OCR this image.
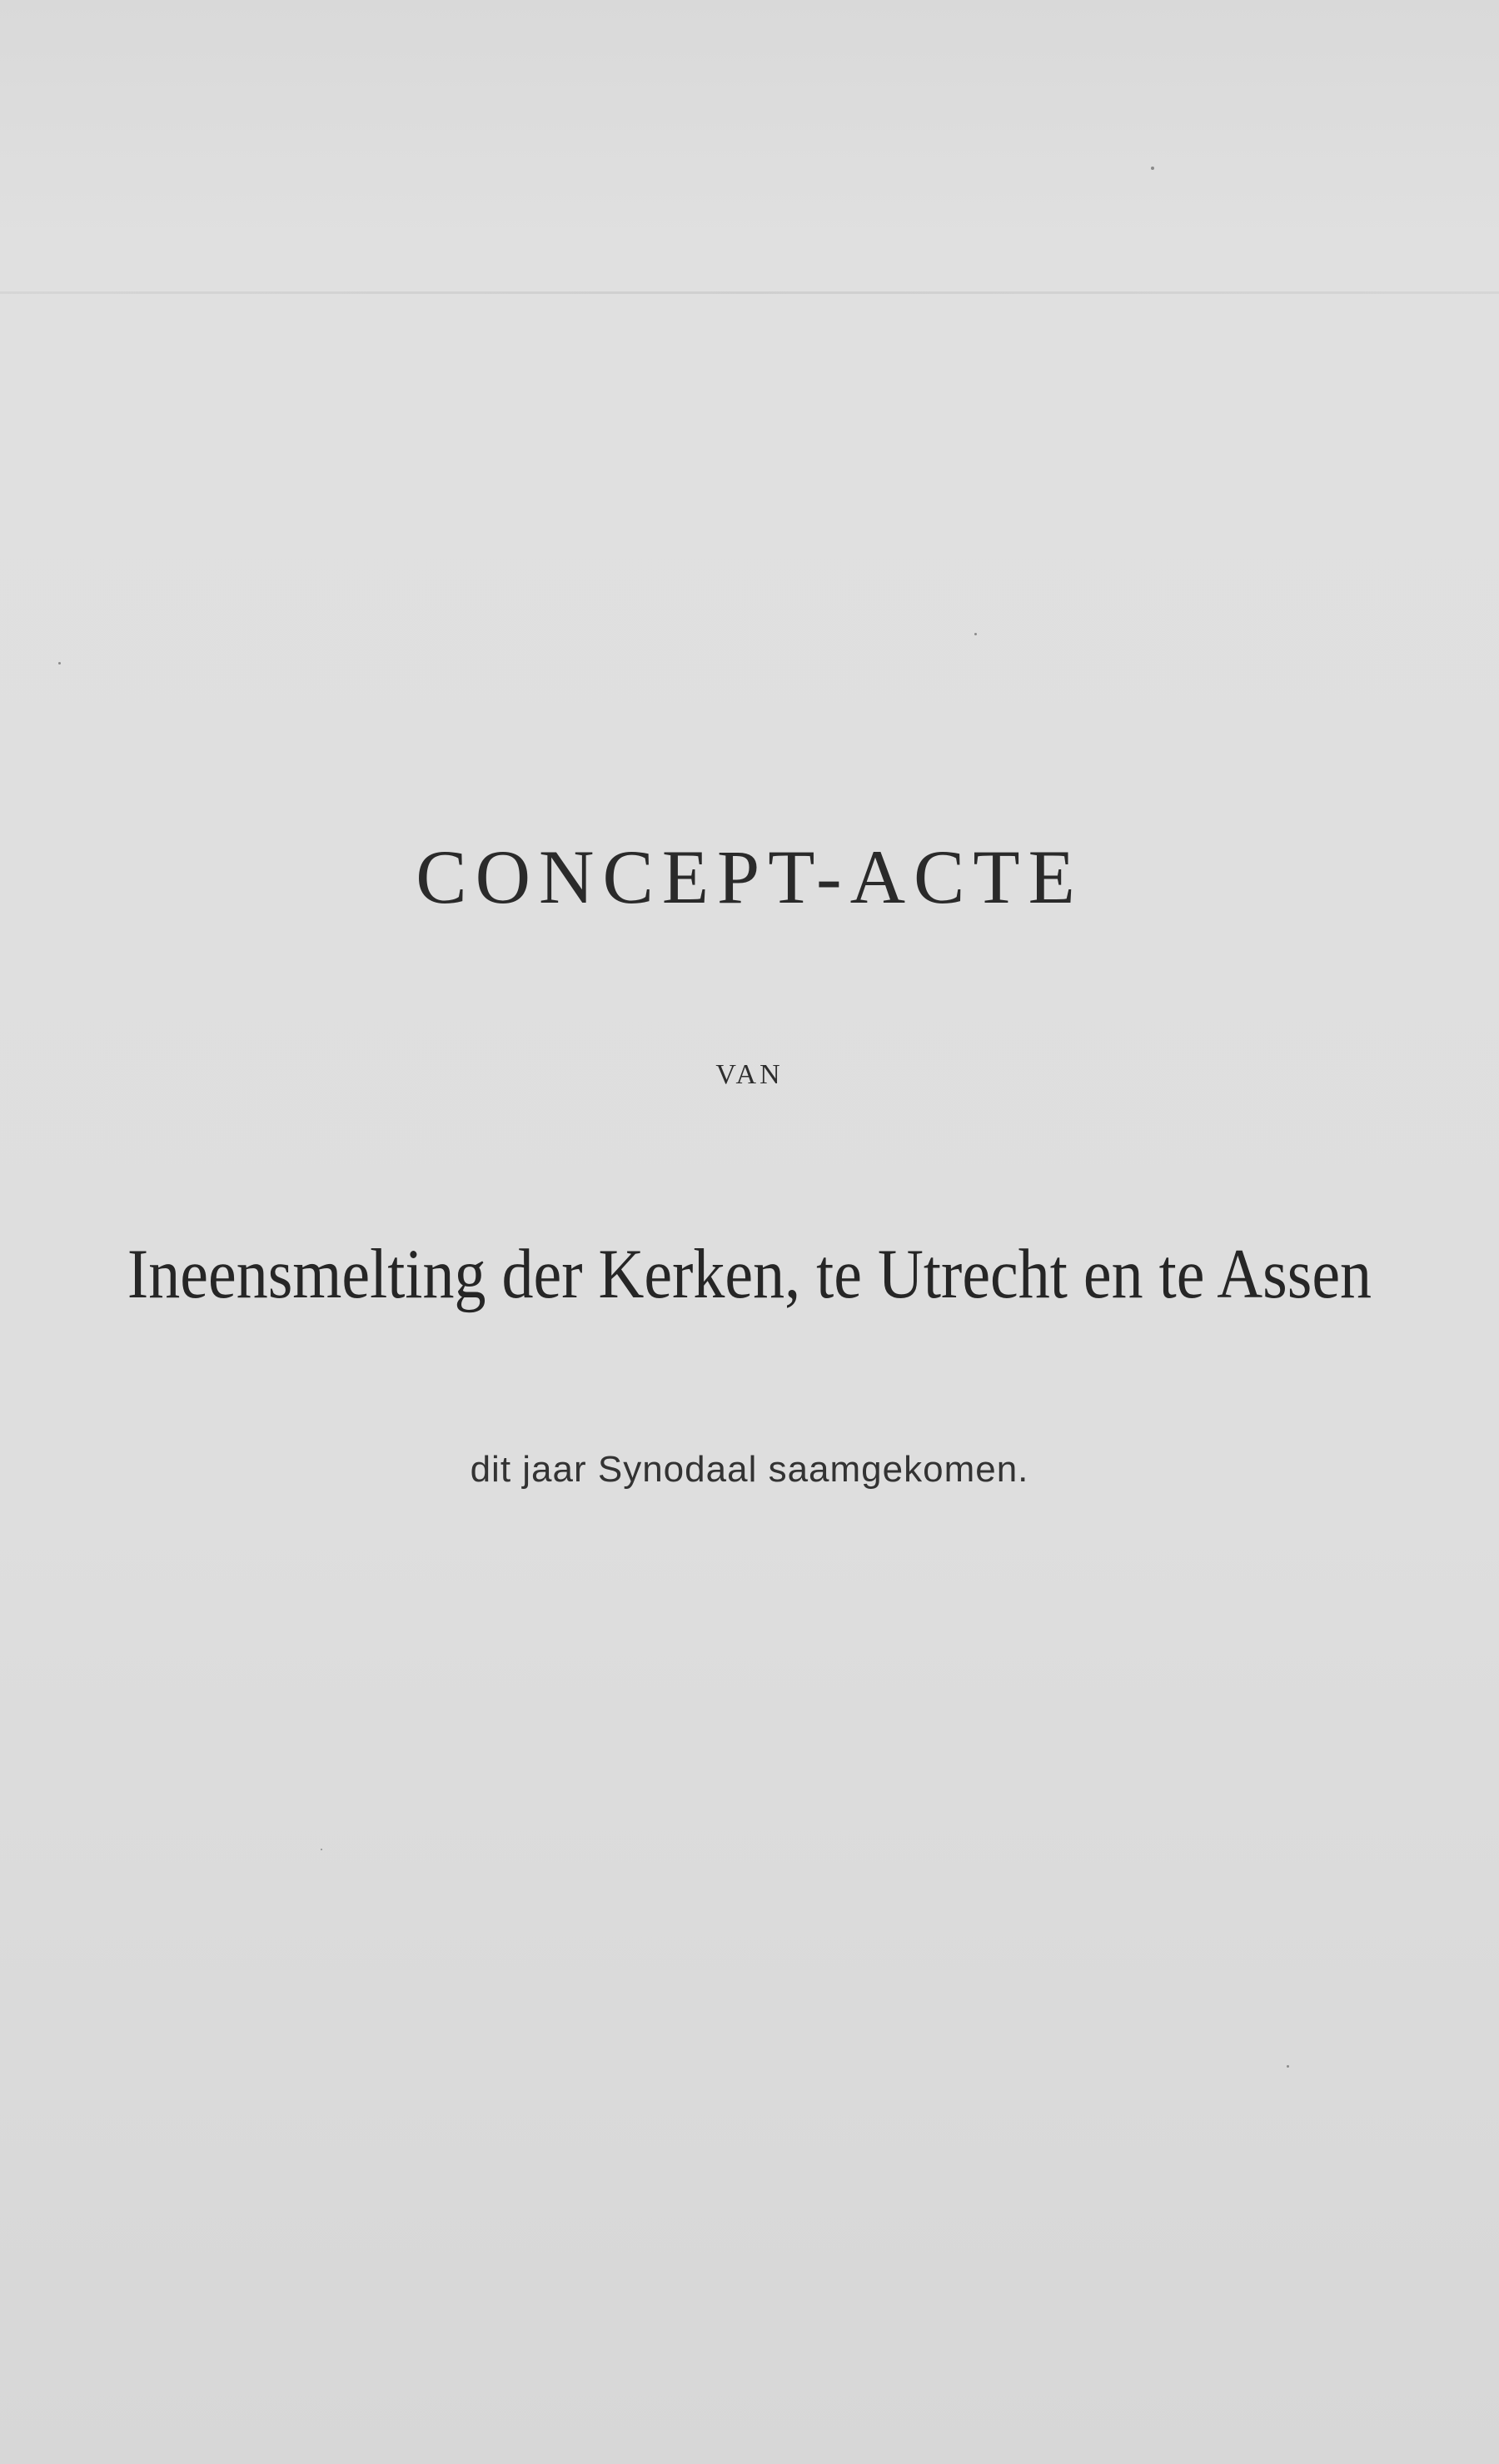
CONCEPT-ACTE
VAN
Ineensmelting der Kerken, te Utrecht en te Assen
dit jaar Synodaal saamgekomen.
